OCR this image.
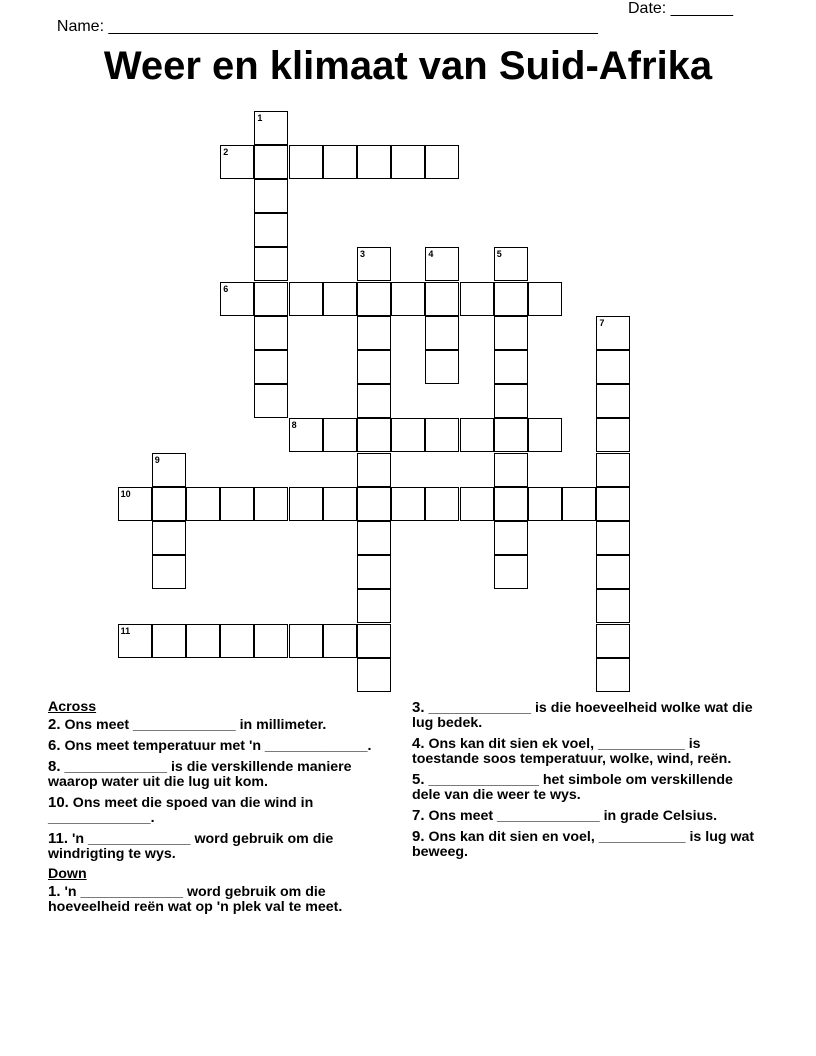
Name: _______________________________________________________

Date: _______

Weer en klimaat van Suid-Afrika
1
2
3	4	5
6
7
8
9
10
11
Across
2. Ons meet _____________ in millimeter.
6. Ons meet temperatuur met 'n _____________.
8. _____________ is die verskillende maniere waarop water uit die lug uit kom.
10. Ons meet die spoed van die wind in _____________.
11. 'n _____________ word gebruik om die windrigting te wys.
Down
1. 'n _____________ word gebruik om die hoeveelheid reën wat op 'n plek val te meet.
3. _____________ is die hoeveelheid wolke wat die lug bedek.
4. Ons kan dit sien ek voel, ___________ is toestande soos temperatuur, wolke, wind, reën.
5. ______________ het simbole om verskillende dele van die weer te wys.
7. Ons meet _____________ in grade Celsius.
9. Ons kan dit sien en voel, ___________ is lug wat beweeg.
